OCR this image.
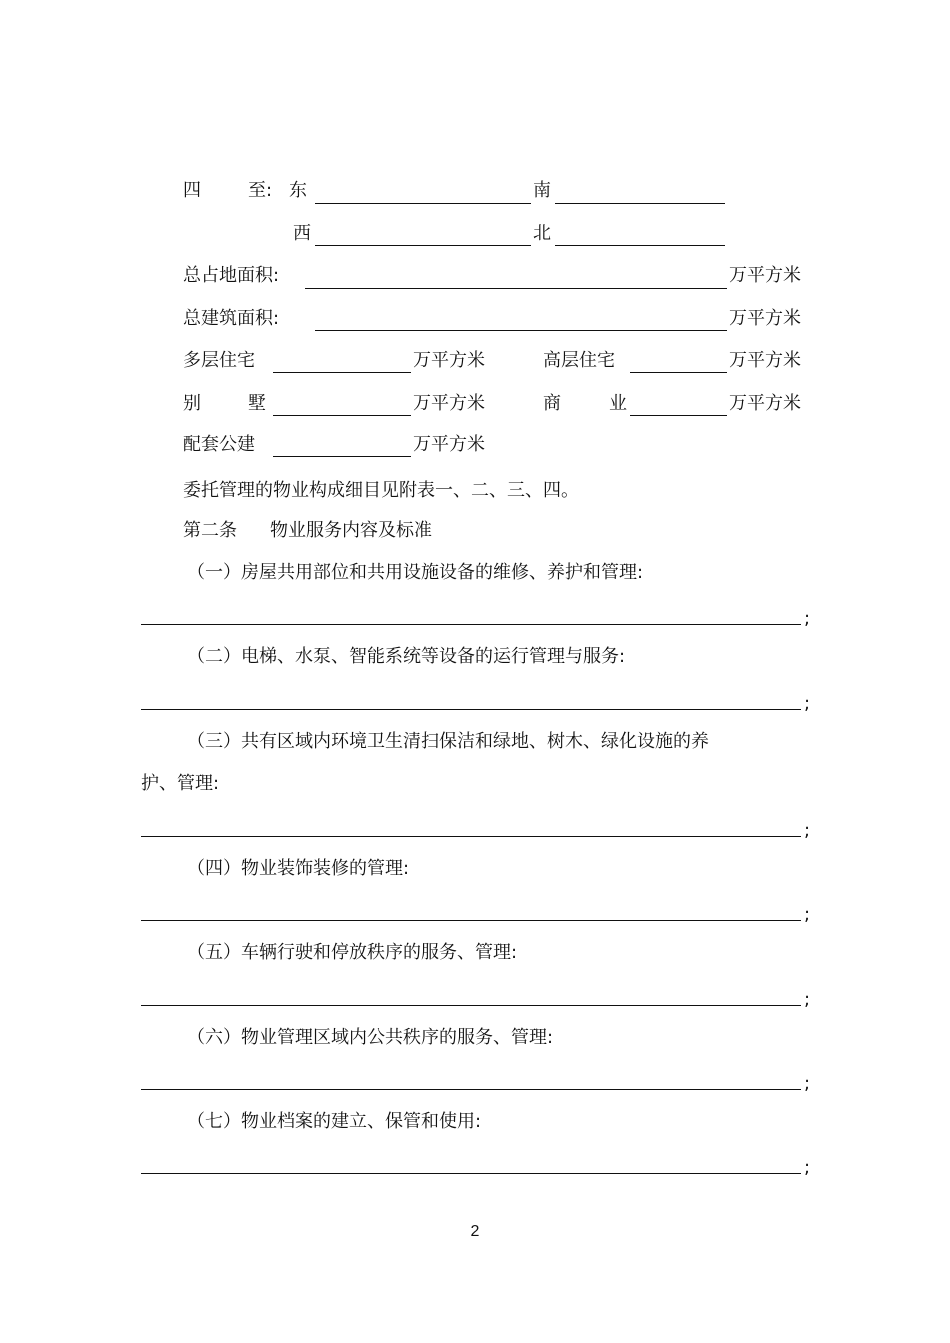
四	至: 东	南
西	北
总占地面积:	万平方米
总建筑面积:	万平方米
多层住宅	万平方米	高层住宅	万平方米
别	墅	万平方米	商	业	万平方米
配套公建	万平方米
委托管理的物业构成细目见附表一、二、三、四。
第二条 物业服务内容及标准
（一）房屋共用部位和共用设施设备的维修、养护和管理:
;
（二）电梯、水泵、智能系统等设备的运行管理与服务:
;
（三）共有区域内环境卫生清扫保洁和绿地、树木、绿化设施的养
护、管理:
;
（四）物业装饰装修的管理:
;
（五）车辆行驶和停放秩序的服务、管理:
;
（六）物业管理区域内公共秩序的服务、管理:
;
（七）物业档案的建立、保管和使用:
;
2
